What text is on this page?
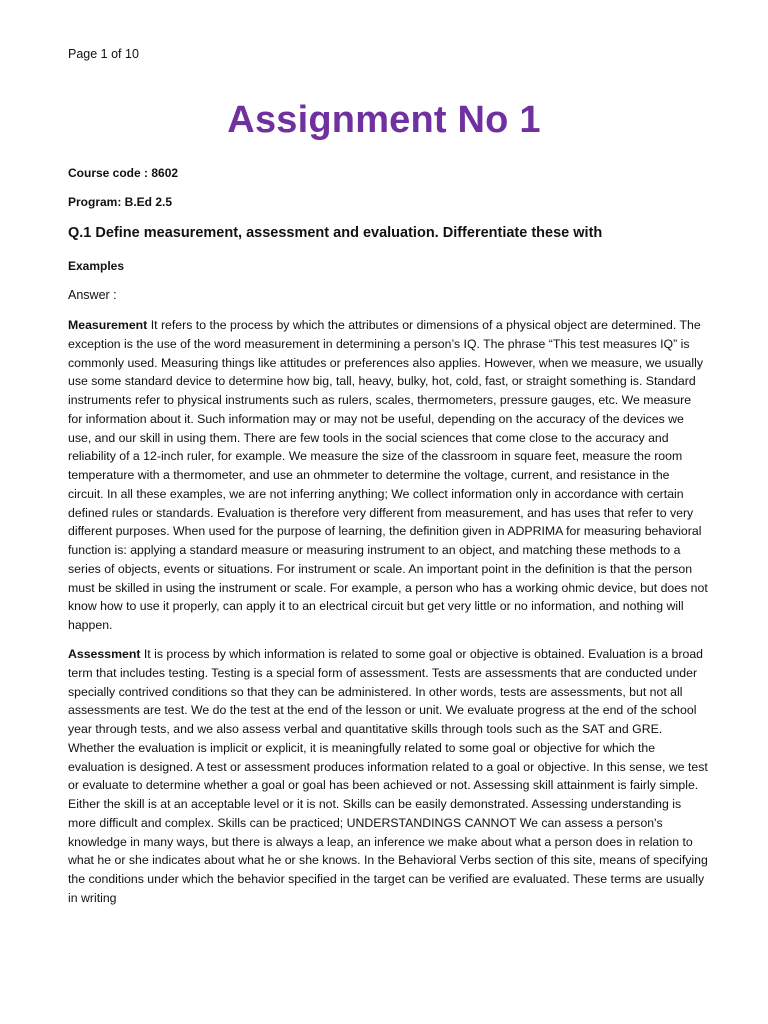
Page 1 of 10
Assignment No 1
Course code : 8602
Program: B.Ed 2.5
Q.1 Define measurement, assessment and evaluation. Differentiate these with
Examples
Answer :

Measurement It refers to the process by which the attributes or dimensions of a physical object are determined. The exception is the use of the word measurement in determining a person’s IQ. The phrase “This test measures IQ” is commonly used. Measuring things like attitudes or preferences also applies. However, when we measure, we usually use some standard device to determine how big, tall, heavy, bulky, hot, cold, fast, or straight something is. Standard instruments refer to physical instruments such as rulers, scales, thermometers, pressure gauges, etc. We measure for information about it. Such information may or may not be useful, depending on the accuracy of the devices we use, and our skill in using them. There are few tools in the social sciences that come close to the accuracy and reliability of a 12-inch ruler, for example. We measure the size of the classroom in square feet, measure the room temperature with a thermometer, and use an ohmmeter to determine the voltage, current, and resistance in the circuit. In all these examples, we are not inferring anything; We collect information only in accordance with certain defined rules or standards. Evaluation is therefore very different from measurement, and has uses that refer to very different purposes. When used for the purpose of learning, the definition given in ADPRIMA for measuring behavioral function is: applying a standard measure or measuring instrument to an object, and matching these methods to a series of objects, events or situations. For instrument or scale. An important point in the definition is that the person must be skilled in using the instrument or scale. For example, a person who has a working ohmic device, but does not know how to use it properly, can apply it to an electrical circuit but get very little or no information, and nothing will happen.

Assessment It is process by which information is related to some goal or objective is obtained. Evaluation is a broad term that includes testing. Testing is a special form of assessment. Tests are assessments that are conducted under specially contrived conditions so that they can be administered. In other words, tests are assessments, but not all assessments are test. We do the test at the end of the lesson or unit. We evaluate progress at the end of the school year through tests, and we also assess verbal and quantitative skills through tools such as the SAT and GRE. Whether the evaluation is implicit or explicit, it is meaningfully related to some goal or objective for which the evaluation is designed. A test or assessment produces information related to a goal or objective. In this sense, we test or evaluate to determine whether a goal or goal has been achieved or not. Assessing skill attainment is fairly simple. Either the skill is at an acceptable level or it is not. Skills can be easily demonstrated. Assessing understanding is more difficult and complex. Skills can be practiced; UNDERSTANDINGS CANNOT We can assess a person's knowledge in many ways, but there is always a leap, an inference we make about what a person does in relation to what he or she indicates about what he or she knows. In the Behavioral Verbs section of this site, means of specifying the conditions under which the behavior specified in the target can be verified are evaluated. These terms are usually in writing
